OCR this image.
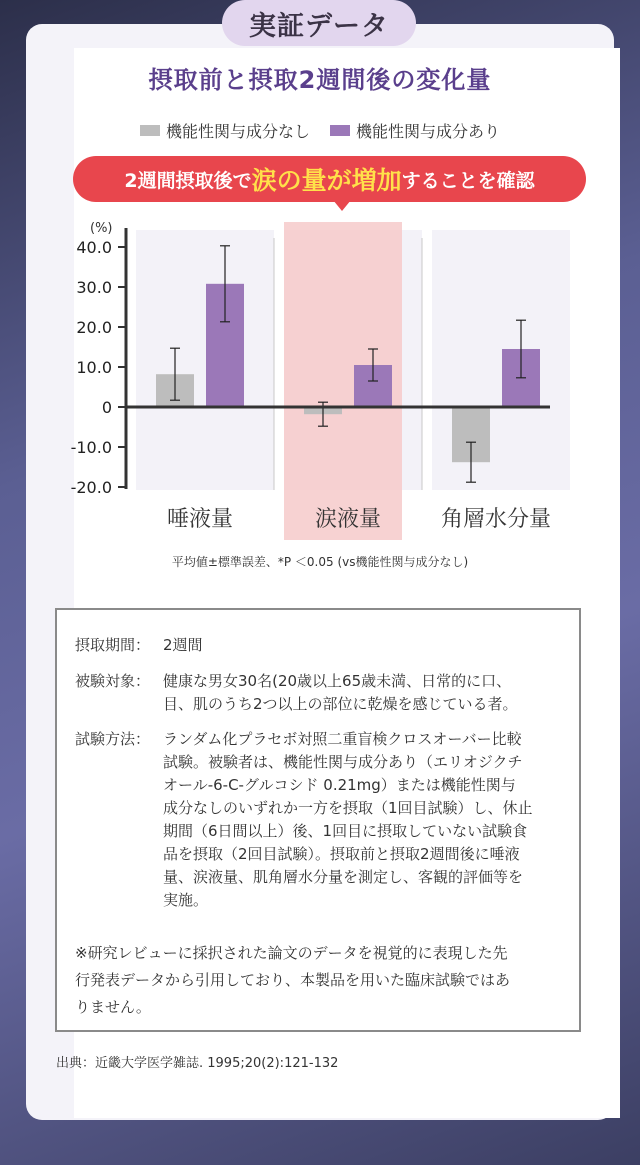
実証データ
摂取前と摂取2週間後の変化量
機能性関与成分なし	機能性関与成分あり
2週間摂取後で 涙の量が増加 することを確認
(%)
40.0
30.0
20.0
10.0
0
-10.0
-20.0
唾液量	涙液量	角層水分量
平均値±標準誤差、*P ＜0.05 (vs機能性関与成分なし)
摂取期間： 2週間
被験対象： 健康な男女30名(20歳以上65歳未満、日常的に口、
目、肌のうち2つ以上の部位に乾燥を感じている者。
試験方法： ランダム化プラセボ対照二重盲検クロスオーバー比較
試験。被験者は、機能性関与成分あり（エリオジクチ
オール-6-C-グルコシド 0.21mg）または機能性関与
成分なしのいずれか一方を摂取（1回目試験）し、休止
期間（6日間以上）後、1回目に摂取していない試験食
品を摂取（2回目試験）。摂取前と摂取2週間後に唾液
量、涙液量、肌角層水分量を測定し、客観的評価等を
実施。
※研究レビューに採択された論文のデータを視覚的に表現した先
行発表データから引用しており、本製品を用いた臨床試験ではあ
りません。
出典：近畿大学医学雑誌. 1995;20(2):121-132
